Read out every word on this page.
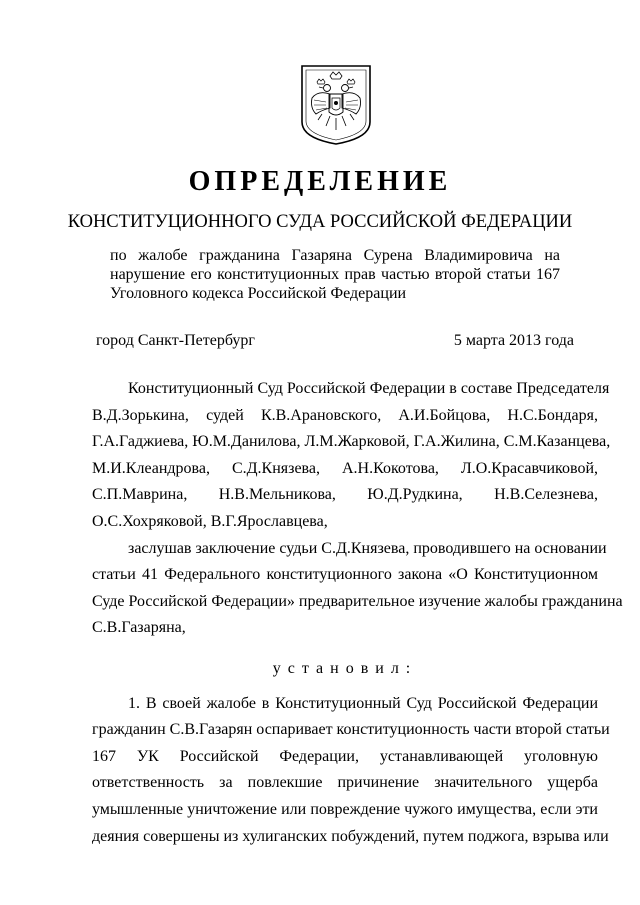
ОПРЕДЕЛЕНИЕ
КОНСТИТУЦИОННОГО СУДА РОССИЙСКОЙ ФЕДЕРАЦИИ
по жалобе гражданина Газаряна Сурена Владимировича на
нарушение его конституционных прав частью второй статьи 167
Уголовного кодекса Российской Федерации
город Санкт-Петербург	5 марта 2013 года
Конституционный Суд Российской Федерации в составе Председателя
В.Д.Зорькина, судей К.В.Арановского, А.И.Бойцова, Н.С.Бондаря,
Г.А.Гаджиева, Ю.М.Данилова, Л.М.Жарковой, Г.А.Жилина, С.М.Казанцева,
М.И.Клеандрова, С.Д.Князева, А.Н.Кокотова, Л.О.Красавчиковой,
С.П.Маврина, Н.В.Мельникова, Ю.Д.Рудкина, Н.В.Селезнева,
О.С.Хохряковой, В.Г.Ярославцева,
заслушав заключение судьи С.Д.Князева, проводившего на основании
статьи 41 Федерального конституционного закона «О Конституционном
Суде Российской Федерации» предварительное изучение жалобы гражданина
С.В.Газаряна,
установил:
1. В своей жалобе в Конституционный Суд Российской Федерации
гражданин С.В.Газарян оспаривает конституционность части второй статьи
167 УК Российской Федерации, устанавливающей уголовную
ответственность за повлекшие причинение значительного ущерба
умышленные уничтожение или повреждение чужого имущества, если эти
деяния совершены из хулиганских побуждений, путем поджога, взрыва или
